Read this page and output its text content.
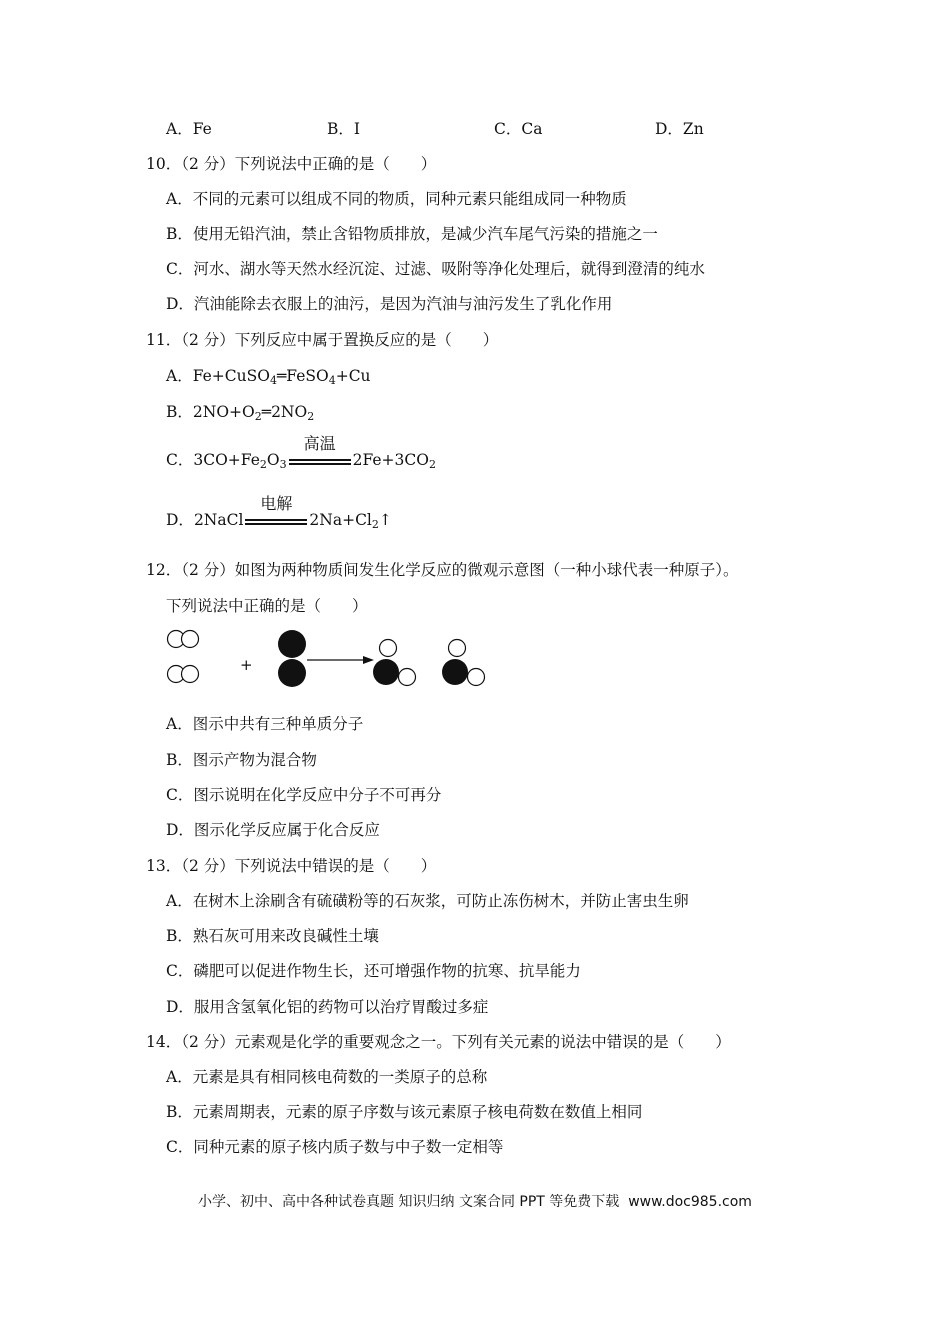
A．Fe	B．I	C．Ca	D．Zn
10．（2 分）下列说法中正确的是（　　）
A．不同的元素可以组成不同的物质，同种元素只能组成同一种物质
B．使用无铅汽油，禁止含铅物质排放，是减少汽车尾气污染的措施之一
C．河水、湖水等天然水经沉淀、过滤、吸附等净化处理后，就得到澄清的纯水
D．汽油能除去衣服上的油污，是因为汽油与油污发生了乳化作用
11．（2 分）下列反应中属于置换反应的是（　　）
A．Fe+CuSO$_4$═FeSO$_4$+Cu
B．$2NO+O_2═2NO_2$
C．$3CO+Fe_2O_3$
高温
$2Fe+3CO_2$
D．2NaCl
电解
$2Na+Cl_2↑$
12．（2 分）如图为两种物质间发生化学反应的微观示意图（一种小球代表一种原子）。
下列说法中正确的是（　　）
+
A．图示中共有三种单质分子
B．图示产物为混合物
C．图示说明在化学反应中分子不可再分
D．图示化学反应属于化合反应
13．（2 分）下列说法中错误的是（　　）
A．在树木上涂刷含有硫磺粉等的石灰浆，可防止冻伤树木，并防止害虫生卵
B．熟石灰可用来改良碱性土壤
C．磷肥可以促进作物生长，还可增强作物的抗寒、抗旱能力
D．服用含氢氧化铝的药物可以治疗胃酸过多症
14．（2 分）元素观是化学的重要观念之一。下列有关元素的说法中错误的是（　　）
A．元素是具有相同核电荷数的一类原子的总称
B．元素周期表，元素的原子序数与该元素原子核电荷数在数值上相同
C．同种元素的原子核内质子数与中子数一定相等
小学、初中、高中各种试卷真题 知识归纳 文案合同 PPT 等免费下载 www.doc985.com
